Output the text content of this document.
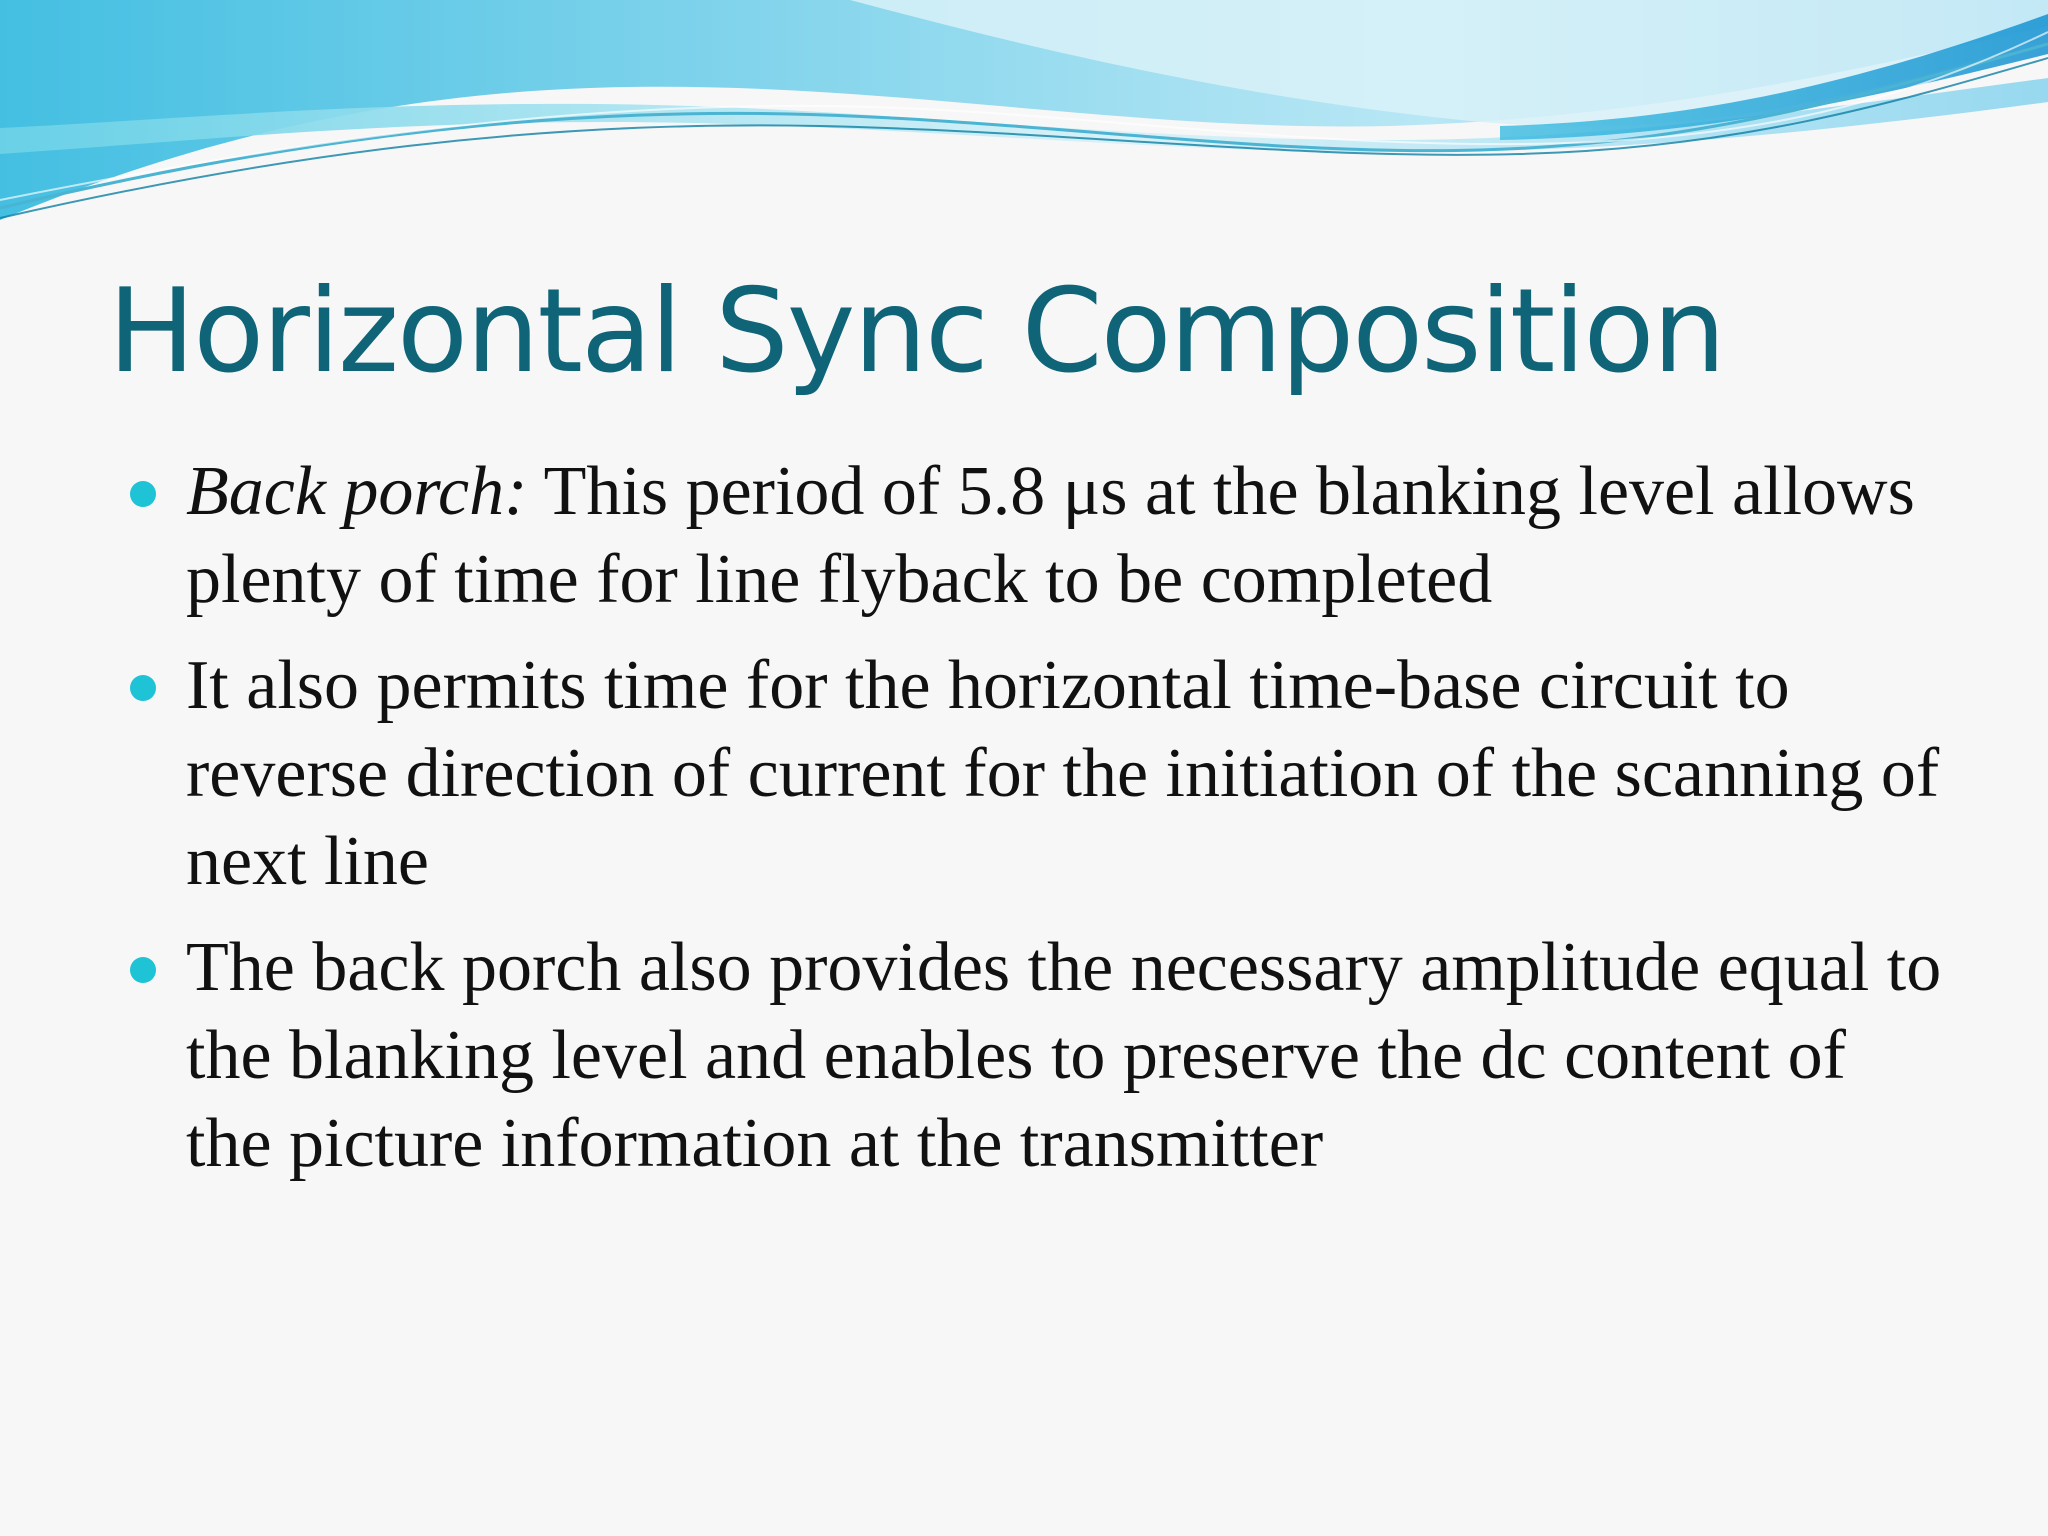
Horizontal Sync Composition
Back porch: This period of 5.8 μs at the blanking level allows plenty of time for line flyback to be completed
It also permits time for the horizontal time-base circuit to reverse direction of current for the initiation of the scanning of next line
The back porch also provides the necessary amplitude equal to the blanking level and enables to preserve the dc content of the picture information at the transmitter
